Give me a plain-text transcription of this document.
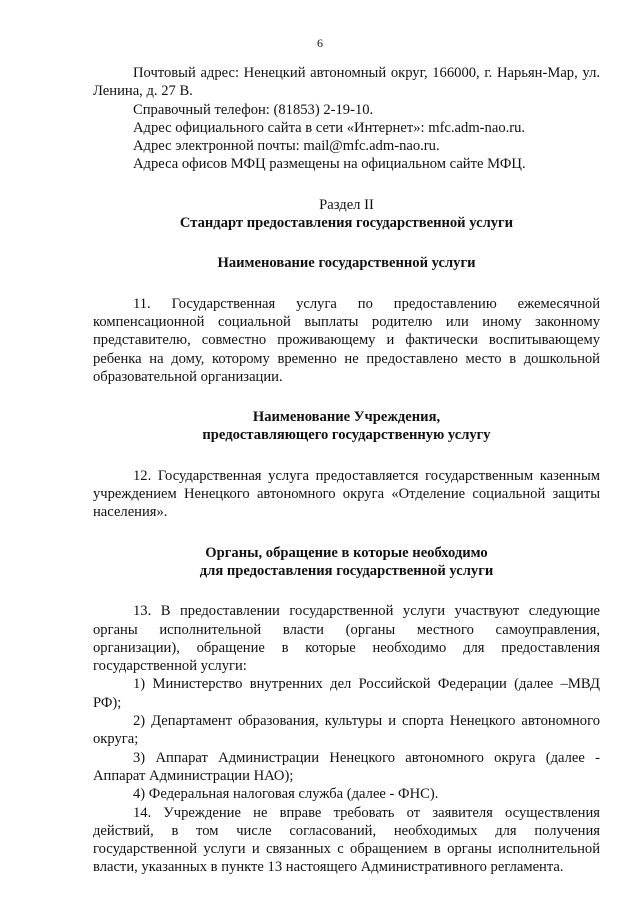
6

Почтовый адрес: Ненецкий автономный округ, 166000, г. Нарьян-Мар, ул. Ленина, д. 27 В.

Справочный телефон: (81853) 2-19-10.

Адрес официального сайта в сети «Интернет»: mfc.adm-nao.ru.

Адрес электронной почты: mail@mfc.adm-nao.ru.

Адреса офисов МФЦ размещены на официальном сайте МФЦ.

Раздел II

Стандарт предоставления государственной услуги

Наименование государственной услуги

11. Государственная услуга по предоставлению ежемесячной компенсационной социальной выплаты родителю или иному законному представителю, совместно проживающему и фактически воспитывающему ребенка на дому, которому временно не предоставлено место в дошкольной образовательной организации.

Наименование Учреждения,

предоставляющего государственную услугу

12. Государственная услуга предоставляется государственным казенным учреждением Ненецкого автономного округа «Отделение социальной защиты населения».

Органы, обращение в которые необходимо

для предоставления государственной услуги

13. В предоставлении государственной услуги участвуют следующие органы исполнительной власти (органы местного самоуправления, организации), обращение в которые необходимо для предоставления государственной услуги:

1) Министерство внутренних дел Российской Федерации (далее –МВД РФ);

2) Департамент образования, культуры и спорта Ненецкого автономного округа;

3) Аппарат Администрации Ненецкого автономного округа (далее - Аппарат Администрации НАО);

4) Федеральная налоговая служба (далее - ФНС).

14. Учреждение не вправе требовать от заявителя осуществления действий, в том числе согласований, необходимых для получения государственной услуги и связанных с обращением в органы исполнительной власти, указанных в пункте 13 настоящего Административного регламента.
